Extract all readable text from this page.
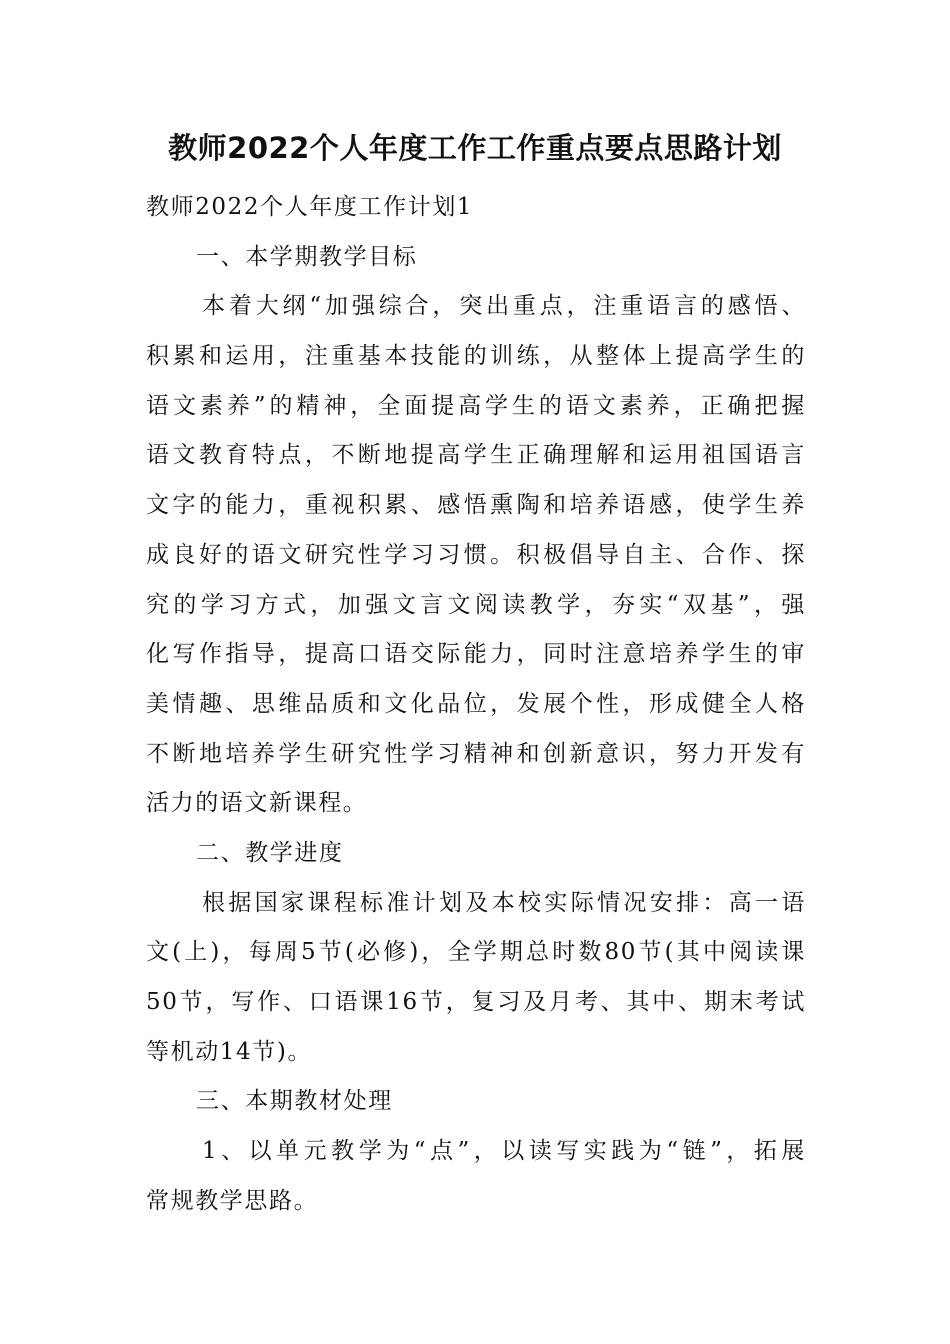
教师2022个人年度工作工作重点要点思路计划
教师2022个人年度工作计划1
一、本学期教学目标
本着大纲“加强综合，突出重点，注重语言的感悟、
积累和运用，注重基本技能的训练，从整体上提高学生的
语文素养”的精神，全面提高学生的语文素养，正确把握
语文教育特点，不断地提高学生正确理解和运用祖国语言
文字的能力，重视积累、感悟熏陶和培养语感，使学生养
成良好的语文研究性学习习惯。积极倡导自主、合作、探
究的学习方式，加强文言文阅读教学，夯实“双基”，强
化写作指导，提高口语交际能力，同时注意培养学生的审
美情趣、思维品质和文化品位，发展个性，形成健全人格
不断地培养学生研究性学习精神和创新意识，努力开发有
活力的语文新课程。
二、教学进度
根据国家课程标准计划及本校实际情况安排：高一语
文(上)，每周5节(必修)，全学期总时数80节(其中阅读课
50节，写作、口语课16节，复习及月考、其中、期末考试
等机动14节)。
三、本期教材处理
1、以单元教学为“点”，以读写实践为“链”，拓展
常规教学思路。
